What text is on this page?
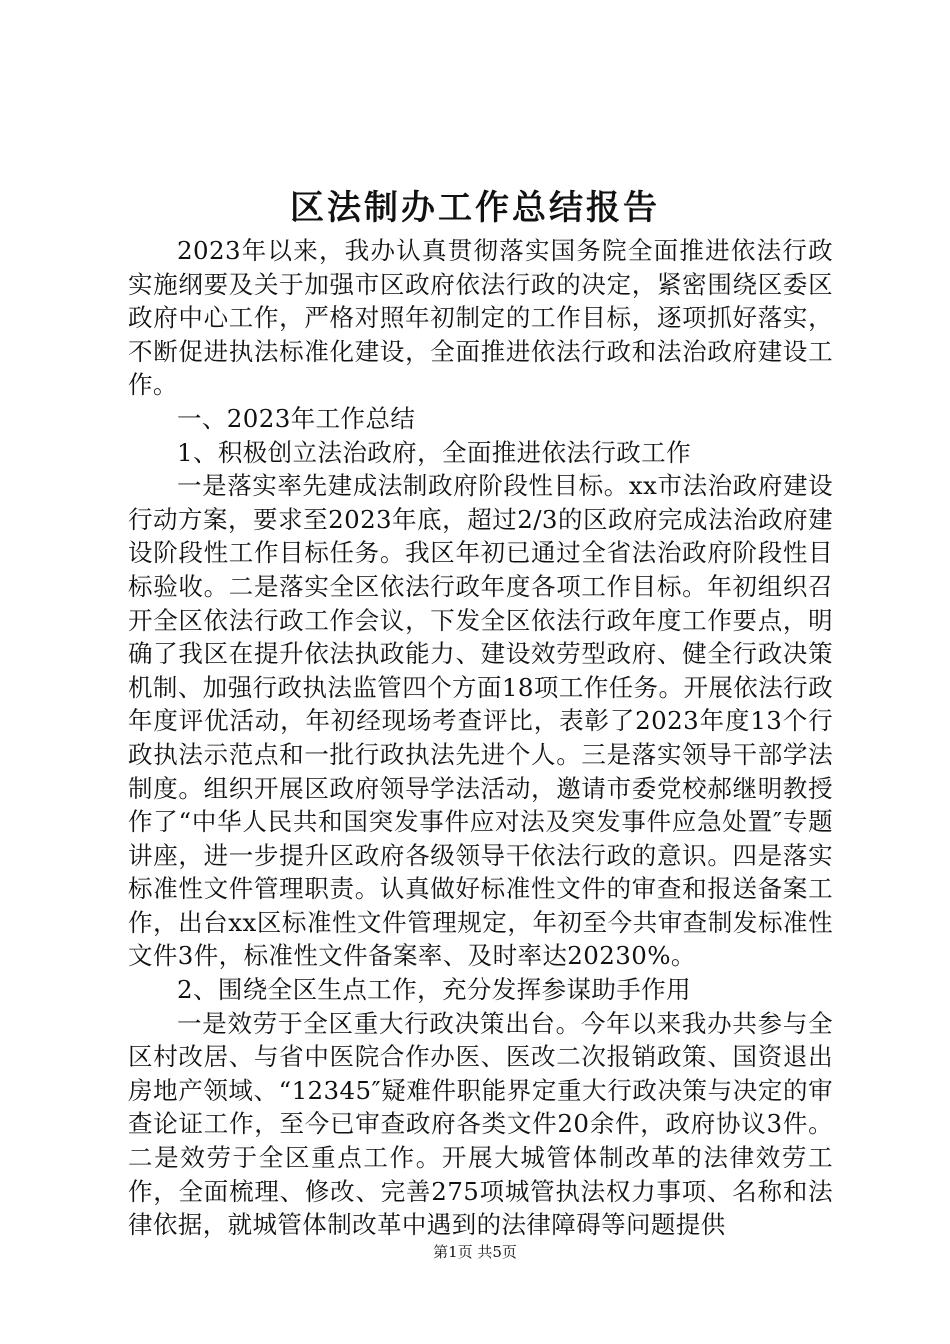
区法制办工作总结报告

2023年以来，我办认真贯彻落实国务院全面推进依法行政实施纲要及关于加强市区政府依法行政的决定，紧密围绕区委区政府中心工作，严格对照年初制定的工作目标，逐项抓好落实，不断促进执法标准化建设，全面推进依法行政和法治政府建设工作。

一、2023年工作总结

1、积极创立法治政府，全面推进依法行政工作

一是落实率先建成法制政府阶段性目标。xx市法治政府建设行动方案，要求至2023年底，超过2/3的区政府完成法治政府建设阶段性工作目标任务。我区年初已通过全省法治政府阶段性目标验收。二是落实全区依法行政年度各项工作目标。年初组织召开全区依法行政工作会议，下发全区依法行政年度工作要点，明确了我区在提升依法执政能力、建设效劳型政府、健全行政决策机制、加强行政执法监管四个方面18项工作任务。开展依法行政年度评优活动，年初经现场考查评比，表彰了2023年度13个行政执法示范点和一批行政执法先进个人。三是落实领导干部学法制度。组织开展区政府领导学法活动，邀请市委党校郝继明教授作了“中华人民共和国突发事件应对法及突发事件应急处置″专题讲座，进一步提升区政府各级领导干依法行政的意识。四是落实标准性文件管理职责。认真做好标准性文件的审查和报送备案工作，出台xx区标准性文件管理规定，年初至今共审查制发标准性文件3件，标准性文件备案率、及时率达20230%。

2、围绕全区生点工作，充分发挥参谋助手作用

一是效劳于全区重大行政决策出台。今年以来我办共参与全区村改居、与省中医院合作办医、医改二次报销政策、国资退出房地产领域、“12345″疑难件职能界定重大行政决策与决定的审查论证工作，至今已审查政府各类文件20余件，政府协议3件。二是效劳于全区重点工作。开展大城管体制改革的法律效劳工作，全面梳理、修改、完善275项城管执法权力事项、名称和法律依据，就城管体制改革中遇到的法律障碍等问题提供

第1页 共5页
